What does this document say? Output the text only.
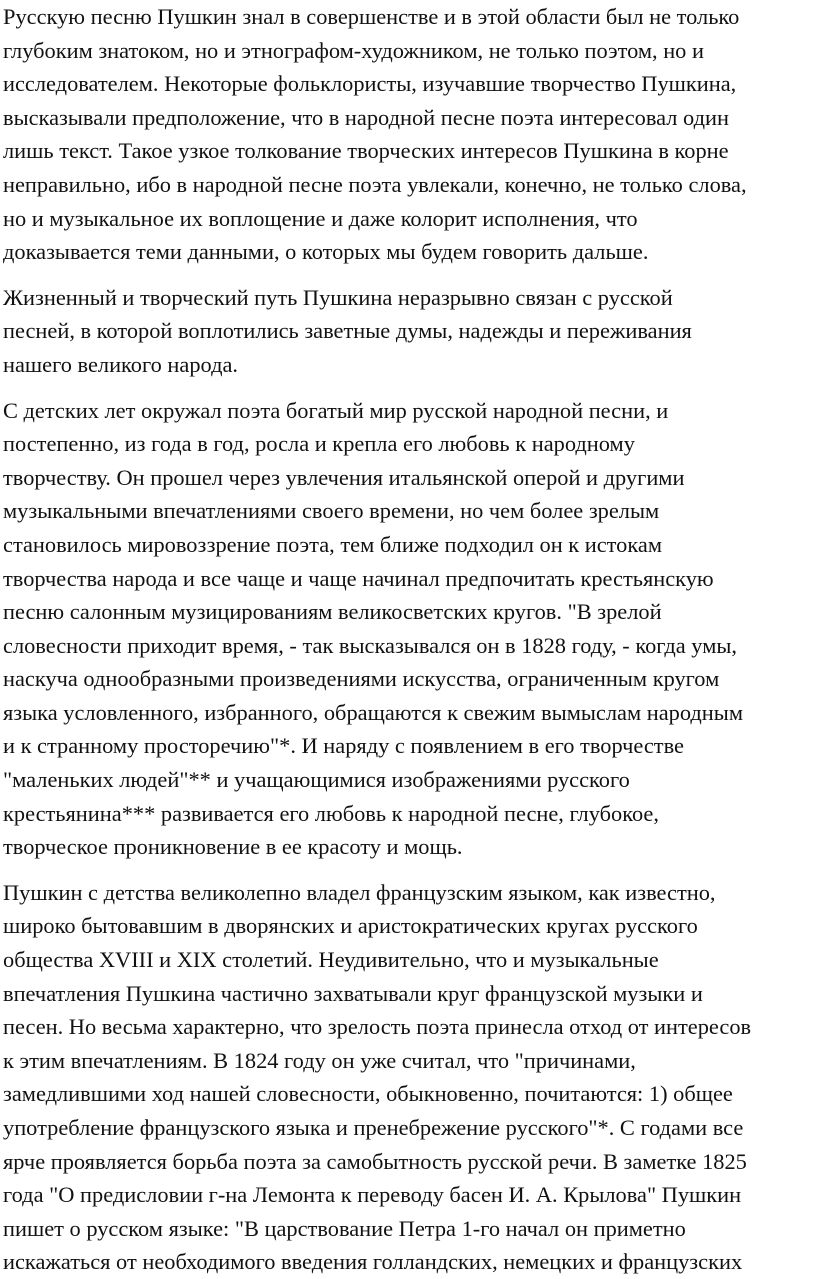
Русскую песню Пушкин знал в совершенстве и в этой области был не только
глубоким знатоком, но и этнографом-художником, не только поэтом, но и
исследователем. Некоторые фольклористы, изучавшие творчество Пушкина,
высказывали предположение, что в народной песне поэта интересовал один
лишь текст. Такое узкое толкование творческих интересов Пушкина в корне
неправильно, ибо в народной песне поэта увлекали, конечно, не только слова,
но и музыкальное их воплощение и даже колорит исполнения, что
доказывается теми данными, о которых мы будем говорить дальше.

Жизненный и творческий путь Пушкина неразрывно связан с русской
песней, в которой воплотились заветные думы, надежды и переживания
нашего великого народа.

С детских лет окружал поэта богатый мир русской народной песни, и
постепенно, из года в год, росла и крепла его любовь к народному
творчеству. Он прошел через увлечения итальянской оперой и другими
музыкальными впечатлениями своего времени, но чем более зрелым
становилось мировоззрение поэта, тем ближе подходил он к истокам
творчества народа и все чаще и чаще начинал предпочитать крестьянскую
песню салонным музицированиям великосветских кругов. "В зрелой
словесности приходит время, - так высказывался он в 1828 году, - когда умы,
наскуча однообразными произведениями искусства, ограниченным кругом
языка условленного, избранного, обращаются к свежим вымыслам народным
и к странному просторечию"*. И наряду с появлением в его творчестве
"маленьких людей"** и учащающимися изображениями русского
крестьянина*** развивается его любовь к народной песне, глубокое,
творческое проникновение в ее красоту и мощь.

Пушкин с детства великолепно владел французским языком, как известно,
широко бытовавшим в дворянских и аристократических кругах русского
общества XVIII и XIX столетий. Неудивительно, что и музыкальные
впечатления Пушкина частично захватывали круг французской музыки и
песен. Но весьма характерно, что зрелость поэта принесла отход от интересов
к этим впечатлениям. В 1824 году он уже считал, что "причинами,
замедлившими ход нашей словесности, обыкновенно, почитаются: 1) общее
употребление французского языка и пренебрежение русского"*. С годами все
ярче проявляется борьба поэта за самобытность русской речи. В заметке 1825
года "О предисловии г-на Лемонта к переводу басен И. А. Крылова" Пушкин
пишет о русском языке: "В царствование Петра 1-го начал он приметно
искажаться от необходимого введения голландских, немецких и французских
